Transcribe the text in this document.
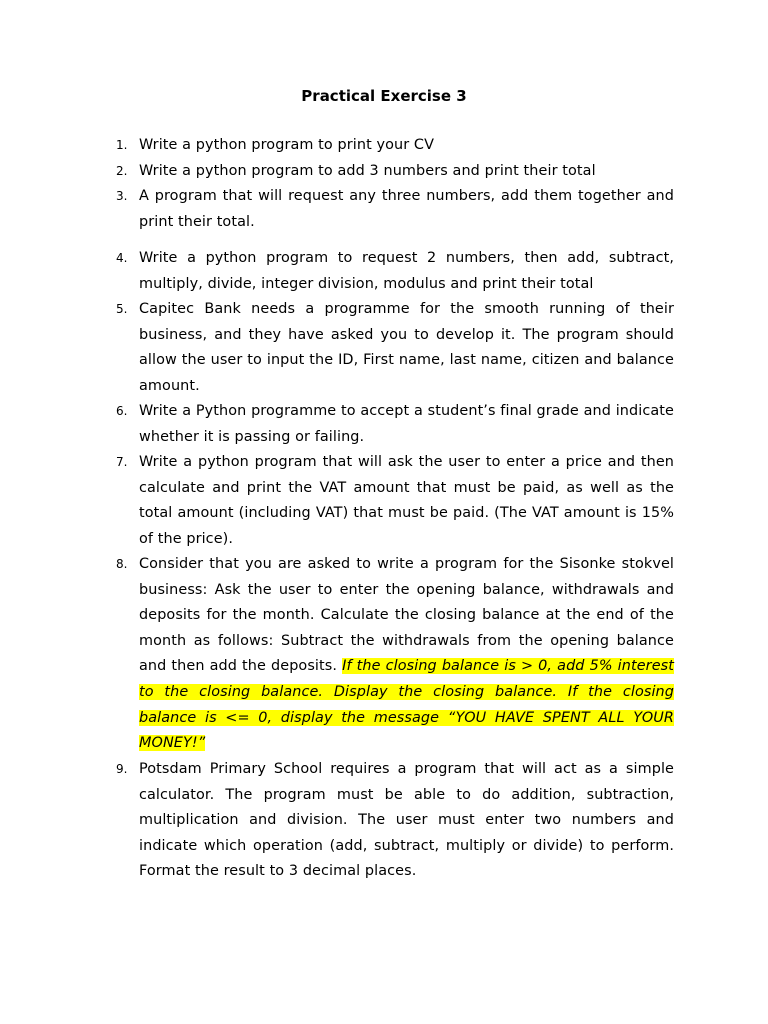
Practical Exercise 3
1. Write a python program to print your CV
2. Write a python program to add 3 numbers and print their total
3. A program that will request any three numbers, add them together and print their total.
4. Write a python program to request 2 numbers, then add, subtract, multiply, divide, integer division, modulus and print their total
5. Capitec Bank needs a programme for the smooth running of their business, and they have asked you to develop it. The program should allow the user to input the ID, First name, last name, citizen and balance amount.
6. Write a Python programme to accept a student’s final grade and indicate whether it is passing or failing.
7. Write a python program that will ask the user to enter a price and then calculate and print the VAT amount that must be paid, as well as the total amount (including VAT) that must be paid. (The VAT amount is 15% of the price).
8. Consider that you are asked to write a program for the Sisonke stokvel business: Ask the user to enter the opening balance, withdrawals and deposits for the month. Calculate the closing balance at the end of the month as follows: Subtract the withdrawals from the opening balance and then add the deposits. If the closing balance is > 0, add 5% interest to the closing balance. Display the closing balance. If the closing balance is <= 0, display the message “YOU HAVE SPENT ALL YOUR MONEY!”
9. Potsdam Primary School requires a program that will act as a simple calculator. The program must be able to do addition, subtraction, multiplication and division. The user must enter two numbers and indicate which operation (add, subtract, multiply or divide) to perform. Format the result to 3 decimal places.
